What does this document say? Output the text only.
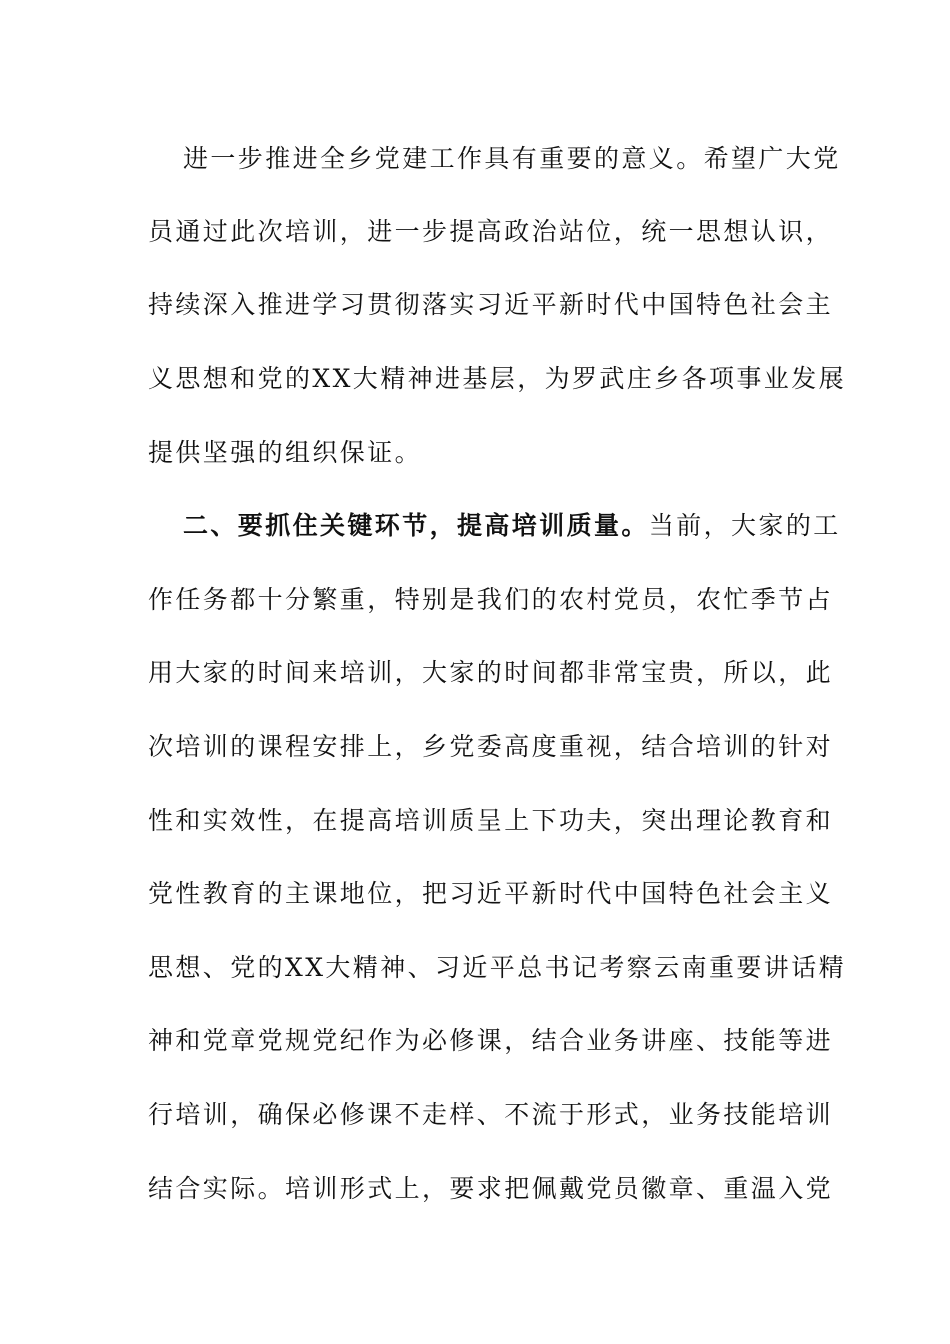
进一步推进全乡党建工作具有重要的意义。希望广大党
员通过此次培训，进一步提高政治站位，统一思想认识，
持续深入推进学习贯彻落实习近平新时代中国特色社会主
义思想和党的XX大精神进基层，为罗武庄乡各项事业发展
提供坚强的组织保证。
二、要抓住关键环节，提高培训质量。当前，大家的工
作任务都十分繁重，特别是我们的农村党员，农忙季节占
用大家的时间来培训，大家的时间都非常宝贵，所以，此
次培训的课程安排上，乡党委高度重视，结合培训的针对
性和实效性，在提高培训质呈上下功夫，突出理论教育和
党性教育的主课地位，把习近平新时代中国特色社会主义
思想、党的XX大精神、习近平总书记考察云南重要讲话精
神和党章党规党纪作为必修课，结合业务讲座、技能等进
行培训，确保必修课不走样、不流于形式，业务技能培训
结合实际。培训形式上，要求把佩戴党员徽章、重温入党
